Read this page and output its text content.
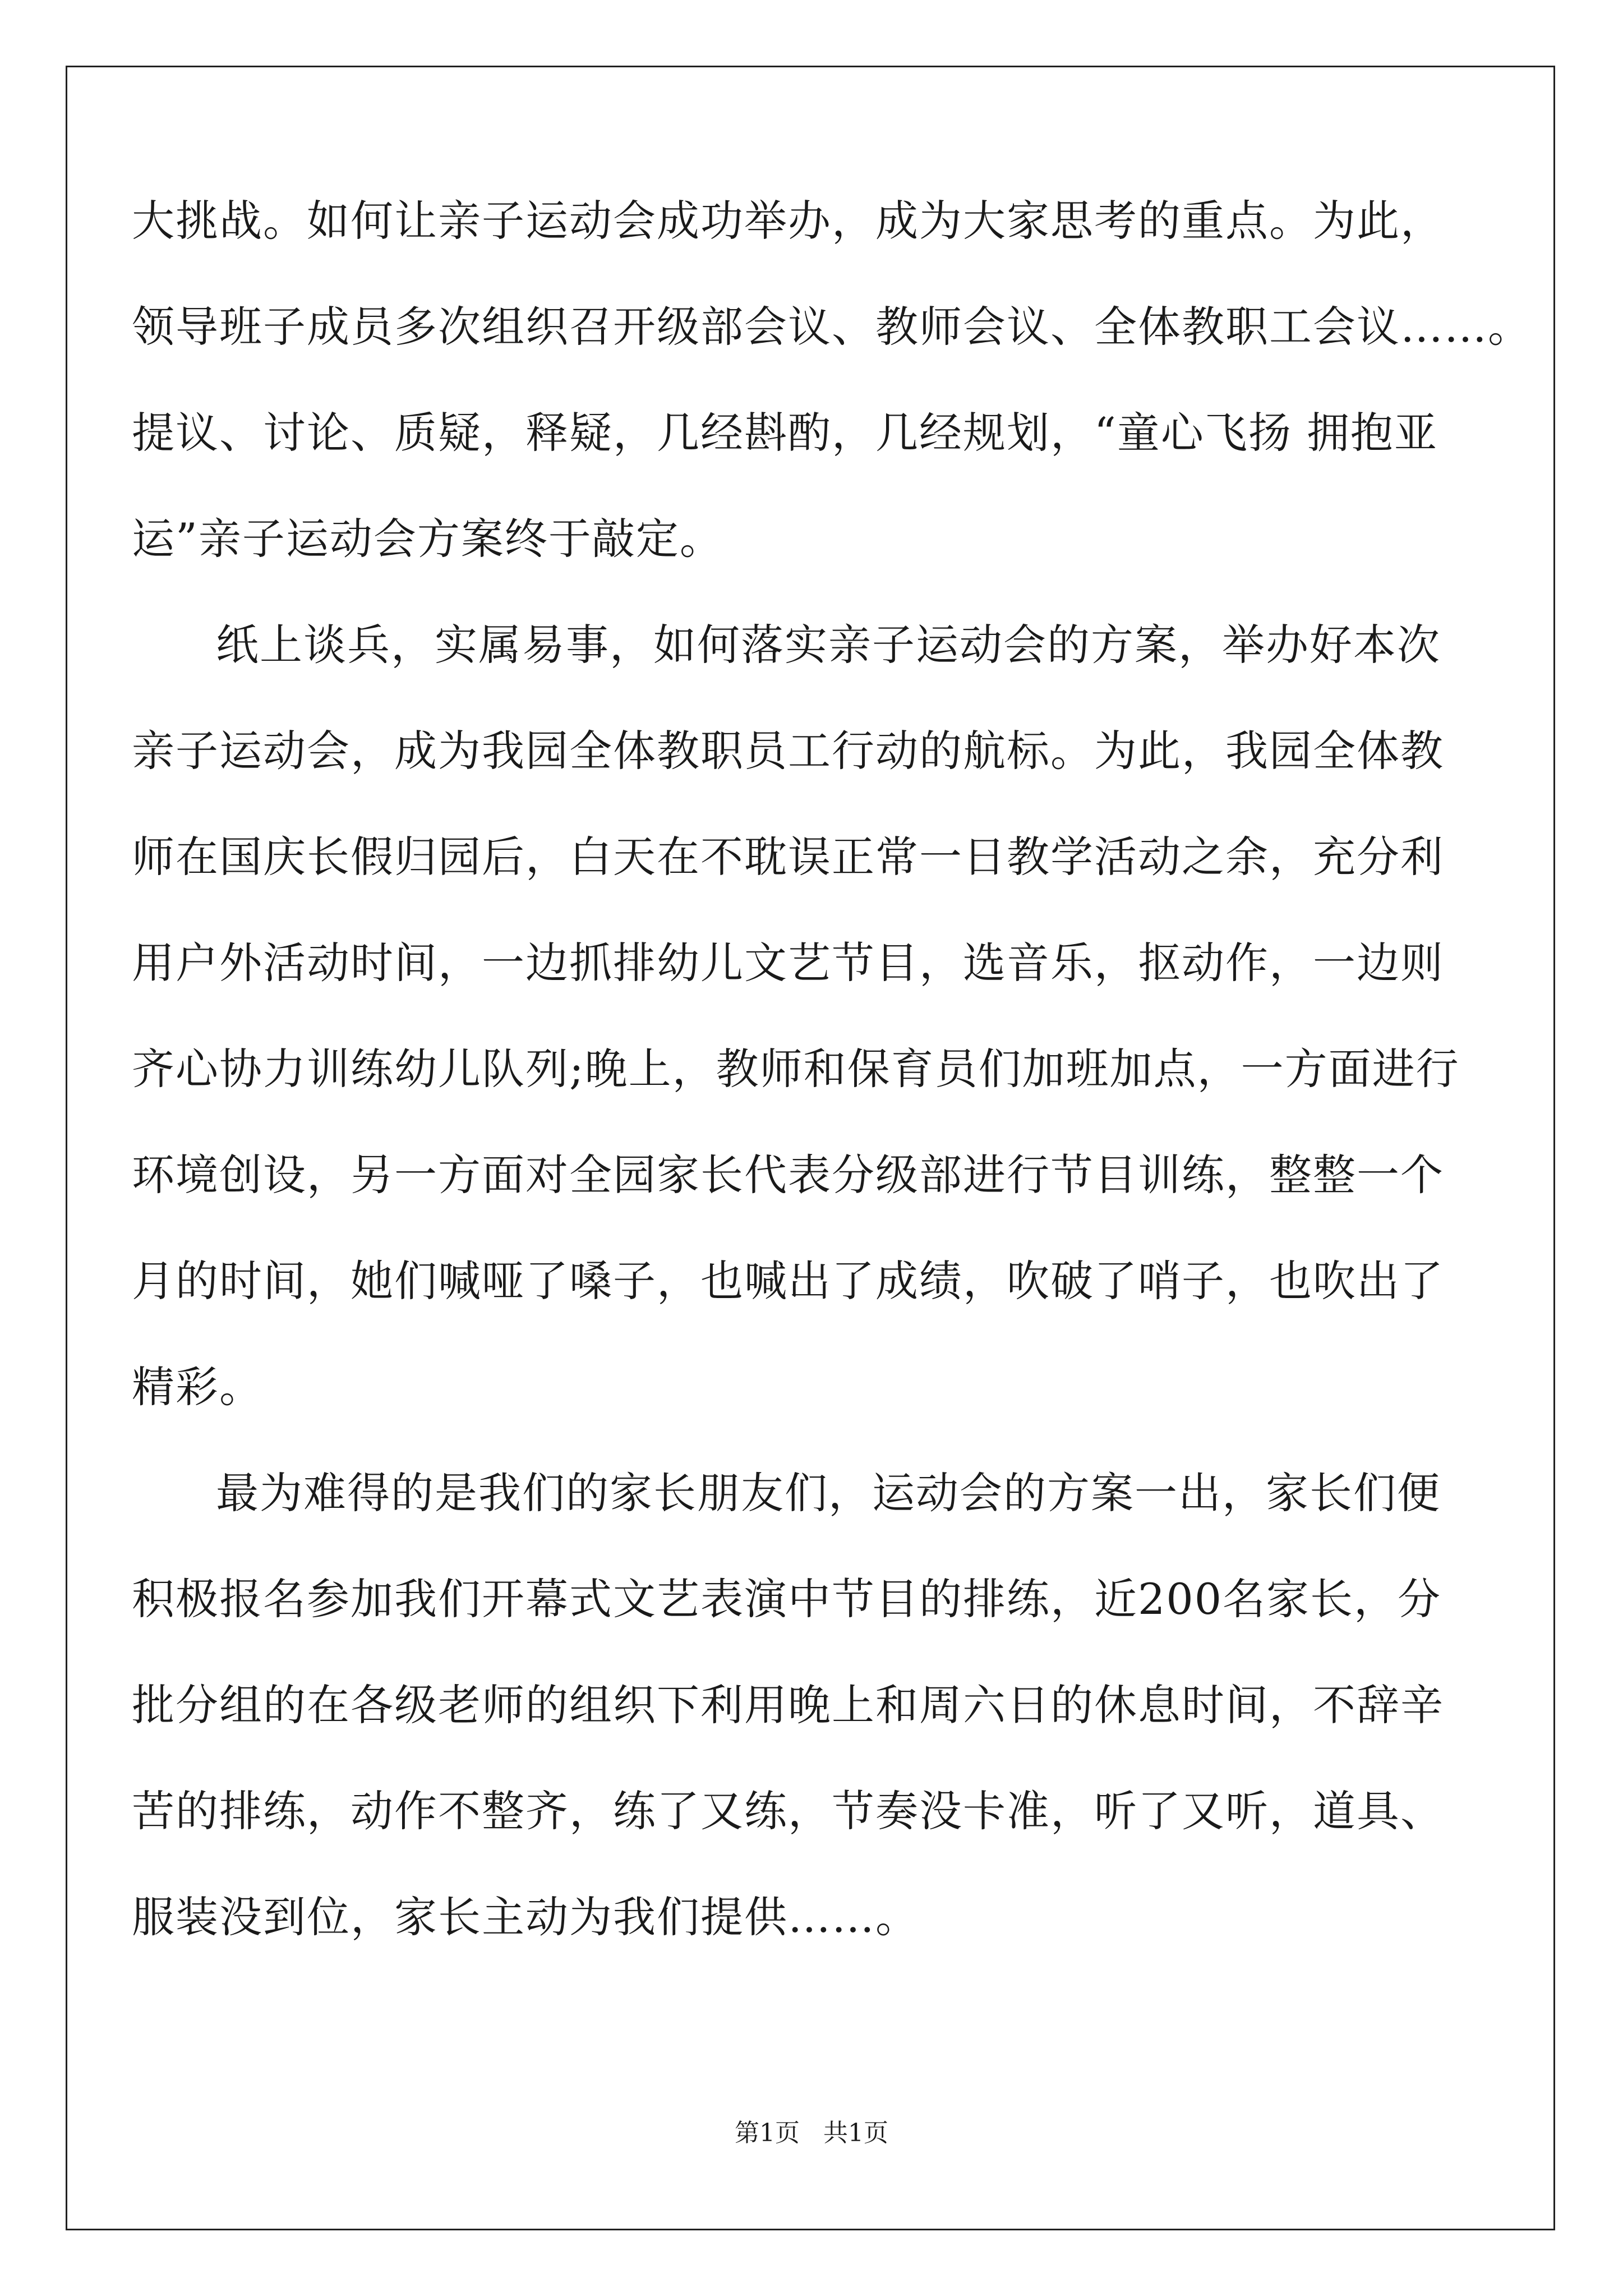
大挑战。如何让亲子运动会成功举办，成为大家思考的重点。为此，
领导班子成员多次组织召开级部会议、教师会议、全体教职工会议……。
提议、讨论、质疑，释疑，几经斟酌，几经规划，“童心飞扬 拥抱亚
运”亲子运动会方案终于敲定。
纸上谈兵，实属易事，如何落实亲子运动会的方案，举办好本次
亲子运动会，成为我园全体教职员工行动的航标。为此，我园全体教
师在国庆长假归园后，白天在不耽误正常一日教学活动之余，充分利
用户外活动时间，一边抓排幼儿文艺节目，选音乐，抠动作，一边则
齐心协力训练幼儿队列;晚上，教师和保育员们加班加点，一方面进行
环境创设，另一方面对全园家长代表分级部进行节目训练，整整一个
月的时间，她们喊哑了嗓子，也喊出了成绩，吹破了哨子，也吹出了
精彩。
最为难得的是我们的家长朋友们，运动会的方案一出，家长们便
积极报名参加我们开幕式文艺表演中节目的排练，近200名家长，分
批分组的在各级老师的组织下利用晚上和周六日的休息时间，不辞辛
苦的排练，动作不整齐，练了又练，节奏没卡准，听了又听，道具、
服装没到位，家长主动为我们提供……。
第1页   共1页
